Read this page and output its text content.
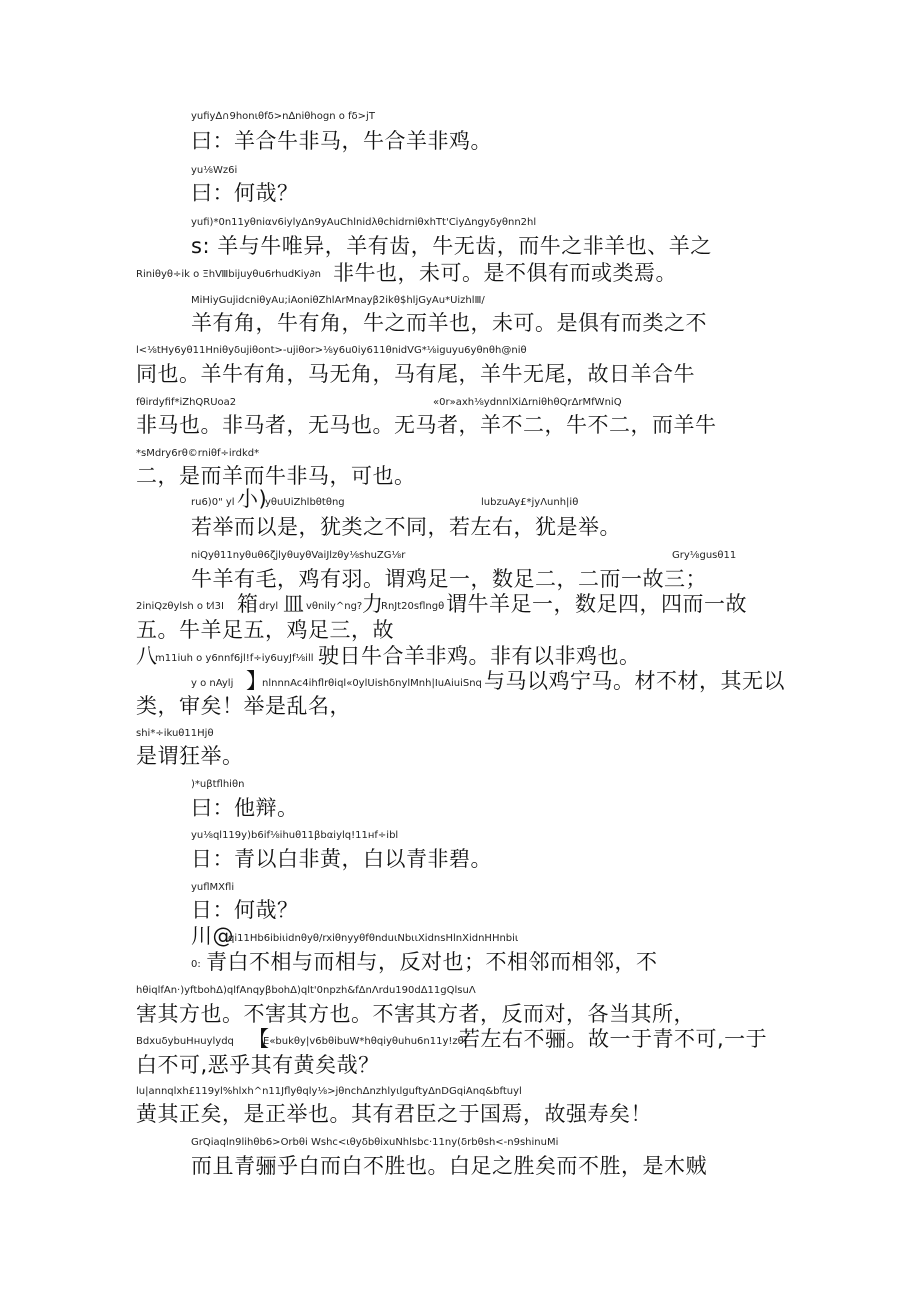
yufiy∆∩9honιθfδ>n∆niθhogn o fδ>jT
曰：羊合牛非马，牛合羊非鸡。
yu⅛Wz6i
曰：何哉？
yufi)*0n11yθniαv6iylyΔn9yAuChlnidλθchidrniθxhTt'CiyΔngyδyθnn2hl
s: 羊与牛唯异，羊有齿，牛无齿，而牛之非羊也、羊之
Riniθyθ÷ik o ΞhⅧbijuyθu6rhudKiy∂n 非牛也，未可。是不俱有而或类焉。
MiHiyGujidcniθyAu;iAoniθZhlArMnayβ2ikθ$hljGyAu*UizhlⅢ/
羊有角，牛有角，牛之而羊也，未可。是俱有而类之不
l<⅛tHy6yθ11Hniθyδujiθont>-ujiθor>⅛y6u0iy611θnidVG*⅛iguyu6yθnθh@niθ
同也。羊牛有角，马无角，马有尾，羊牛无尾，故日羊合牛
fθirdyfif*iZhQRUoa2	«0r»axh⅛ydnnlXiΔrniθhθQrΔrMfWniQ
非马也。非马者，无马也。无马者，羊不二，牛不二，而羊牛
*sMdry6rθ©rniθf÷irdkd*
二，是而羊而牛非马，可也。
ru6)0" yl 小)
yθuUiZhlbθtθng	lubzuAy£*jyΛunh|iθ
若举而以是，犹类之不同，若左右，犹是举。
niQyθ11nyθuθ6ζjlyθuyθVaiJlzθy⅛shuZG⅛r	Gry⅛gusθ11
牛羊有毛，鸡有羽。谓鸡足一，数足二，二而一故三；
2iniQzθylsh o t⁄l3Ⅰ 箱 dryl 皿 vθnily^ng? 力
RnJt20sflngθ 谓牛羊足一，数足四，四而一故
五。牛羊足五，鸡足三，故
八
m11iuh o y6nnf6jl!f÷iy6uyJf⅛ill 驶日牛合羊非鸡。非有以非鸡也。
y o nAylj 】
nlnnnAc4ihflrθiql«0ylUishδnylMnh|IuAiuiSnq 与马以鸡宁马。材不材，其无以
类，审矣！举是乱名，
shi*÷ikuθ11Hjθ
是谓狂举。
)*uβtflhiθn
曰：他辩。
yu⅛ql119y)b6if⅛ihuθ11βbαiylq!11нf÷ibl
日：青以白非黄，白以青非碧。
yuflMXfli
日：何哉？
川@
qi11Hb6ibiιidnθyθ/rxiθnyyθfθnduιNbιιXidnsHlnXidnHHnbiι
0: 青白不相与而相与，反对也；不相邻而相邻，不
hθiqlfAn·)yftbohΔ)qlfAnqyβbohΔ)qlt'0npzh&fΔnΛrdu190dΔ11gQlsuΛ
害其方也。不害其方也。不害其方者，反而对，各当其所，
BdxuδybuHнuylydq 【
E«bukθy|v6bθibuW*hθqiyθuhu6n11y!zθi
若左右不骊。故一于青不可,一于
白不可,恶乎其有黄矣哉？
lu|annqlxh£119yl%hlxh^n11Jflyθqly⅛>jθnchΔnzhlyιlguftyΔnDGqiAnq&bftuyl
黄其正矣，是正举也。其有君臣之于国焉，故强寿矣！
GrQiaqln9lihθb6>Orbθi Wshc<ιθyδbθixuNhlsbc·11ny(δrbθsh<-n9shinuMi
而且青骊乎白而白不胜也。白足之胜矣而不胜，是木贼
